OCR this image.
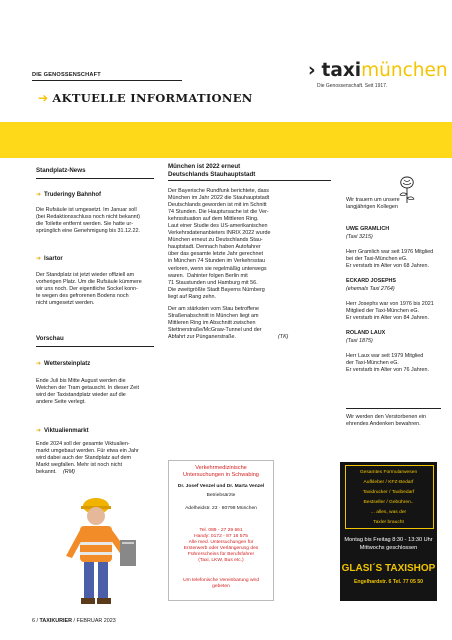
DIE GENOSSENSCHAFT
➔ AKTUELLE INFORMATIONEN
› taximünchen
Die Genossenschaft. Seit 1917.
Standplatz-News
➔ Truderingy Bahnhof
Die Rufsäule ist umgesetzt. Im Januar soll
(bei Redaktionsschluss noch nicht bekannt)
die Toilette entfernt werden. Sie hatte ur-
sprünglich eine Genehmigung bis 31.12.22.
➔ Isartor
Der Standplatz ist jetzt wieder offiziell am
vorherigen Platz. Um die Rufsäule kümmere
wir uns noch. Der eigentliche Sockel konn-
te wegen des gefrorenen Bodens noch
nicht umgesetzt werden.
Vorschau
➔ Wettersteinplatz
Ende Juli bis Mitte August werden die
Weichen der Tram getauscht. In dieser Zeit
wird der Taxistandplatz wieder auf die
andere Seite verlegt.
➔ Viktualienmarkt
Ende 2024 soll der gesamte Viktualien-
markt umgebaut werden. Für etwa ein Jahr
wird dabei auch der Standplatz auf dem
Markt wegfallen. Mehr ist noch nicht
bekannt.	(RM)
München ist 2022 erneut
Deutschlands Stauhauptstadt
Der Bayerische Rundfunk berichtete, dass
München im Jahr 2022 die Stauhauptstadt
Deutschlands geworden ist mit im Schnitt
74 Stunden. Die Hauptursache ist die Ver-
kehrssituation auf dem Mittleren Ring.
Laut einer Studie des US-amerikanischen
Verkehrsdatenanbieters INRIX 2022 wurde
München erneut zu Deutschlands Stau-
hauptstadt. Dennach haben Autofahrer
über das gesamte letzte Jahr gerechnet
in München 74 Stunden im Verkehrsstau
verloren, wenn sie regelmäßig unterwegs
waren.  Dahinter folgen Berlin mit
71 Staustunden und Hamburg mit 56.
Die zweitgrößte Stadt Bayerns Nürnberg
liegt auf Rang zehn.
Der am stärksten vom Stau betroffene
Straßenabschnitt in München liegt am
Mittleren Ring im Abschnitt zwischen
Stettnerstraße/McGraw-Tunnel und der
Abfahrt zur Pünganerstraße.	(TK)
Wir trauern um unsere
langjährigen Kollegen
UWE GRAMLICH
(Taxi 3215)
Herr Gramlich war seit 1976 Mitglied
bei der Taxi-München eG.
Er verstarb im Alter von 68 Jahren.
ECKARD JOSEPHS
(ehemals Taxi 2764)
Herr Josephs war von 1976 bis 2021
Mitglied der Taxi-München eG.
Er verstarb im Alter von 84 Jahren.
ROLAND LAUX
(Taxi 1875)
Herr Laux war seit 1979 Mitglied
der Taxi-München eG.
Er verstarb im Alter von 76 Jahren.
Wir werden den Verstorbenen ein
ehrendes Andenken bewahren.
Verkehrmedizinische
Untersuchungen in Schwabing
Dr. Josef Venzel und Dr. Marta Venzel
Betriebsärzte
Adelheidstr. 23 · 80798 München
Tel. 089 - 27 29 661
Handy: 0172 - 87 16 575
Alle med. Untersuchungen für
Ersterwerb oder Verlängerung des
Führerscheins für Berufsfahrer
(Taxi, LKW, Bus etc.)
Um telefonische Vereinbarung wird
gebeten
Gesamtes Formularwesen
Aufkleber / KFZ-Bedarf
Taxidrucker / Taxibedarf
Bestseller / Gebühren..
... alles, was der
Taxler braucht
Montag bis Freitag 8:30 - 13:30 Uhr
Mittwochs geschlossen
GLASI´S TAXISHOP
Engelhardstr. 6 Tel. 77 05 50
6 / TAXIKURIER / FEBRUAR 2023
